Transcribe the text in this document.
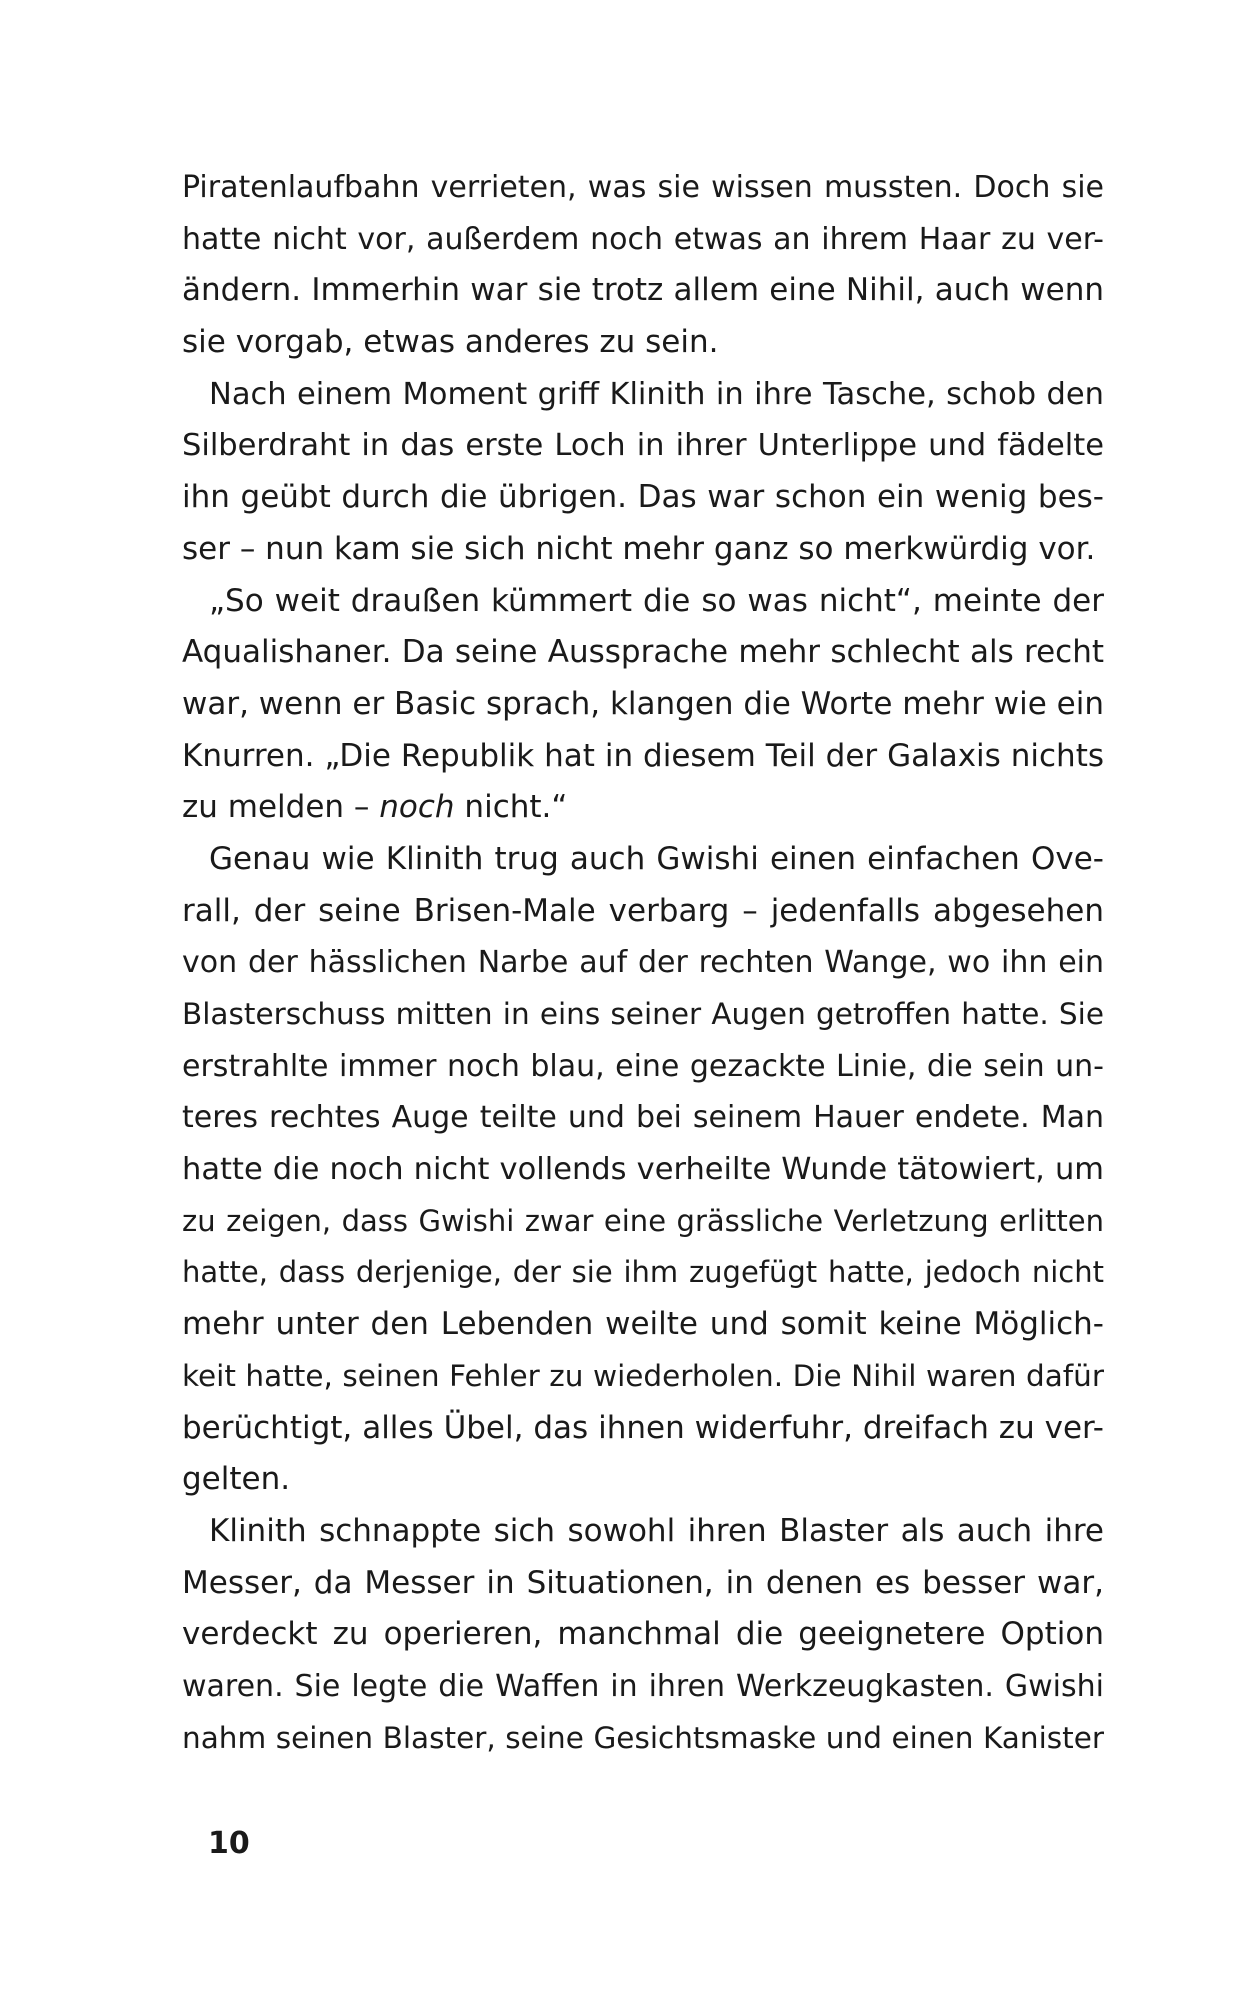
Piratenlaufbahn verrieten, was sie wissen mussten. Doch sie
hatte nicht vor, außerdem noch etwas an ihrem Haar zu ver-
ändern. Immerhin war sie trotz allem eine Nihil, auch wenn
sie vorgab, etwas anderes zu sein.
Nach einem Moment griff Klinith in ihre Tasche, schob den
Silberdraht in das erste Loch in ihrer Unterlippe und fädelte
ihn geübt durch die übrigen. Das war schon ein wenig bes-
ser – nun kam sie sich nicht mehr ganz so merkwürdig vor.
„So weit draußen kümmert die so was nicht“, meinte der
Aqualishaner. Da seine Aussprache mehr schlecht als recht
war, wenn er Basic sprach, klangen die Worte mehr wie ein
Knurren. „Die Republik hat in diesem Teil der Galaxis nichts
zu melden – noch nicht.“
Genau wie Klinith trug auch Gwishi einen einfachen Ove-
rall, der seine Brisen-Male verbarg – jedenfalls abgesehen
von der hässlichen Narbe auf der rechten Wange, wo ihn ein
Blasterschuss mitten in eins seiner Augen getroffen hatte. Sie
erstrahlte immer noch blau, eine gezackte Linie, die sein un-
teres rechtes Auge teilte und bei seinem Hauer endete. Man
hatte die noch nicht vollends verheilte Wunde tätowiert, um
zu zeigen, dass Gwishi zwar eine grässliche Verletzung erlitten
hatte, dass derjenige, der sie ihm zugefügt hatte, jedoch nicht
mehr unter den Lebenden weilte und somit keine Möglich-
keit hatte, seinen Fehler zu wiederholen. Die Nihil waren dafür
berüchtigt, alles Übel, das ihnen widerfuhr, dreifach zu ver-
gelten.
Klinith schnappte sich sowohl ihren Blaster als auch ihre
Messer, da Messer in Situationen, in denen es besser war,
verdeckt zu operieren, manchmal die geeignetere Option
waren. Sie legte die Waffen in ihren Werkzeugkasten. Gwishi
nahm seinen Blaster, seine Gesichtsmaske und einen Kanister
10
